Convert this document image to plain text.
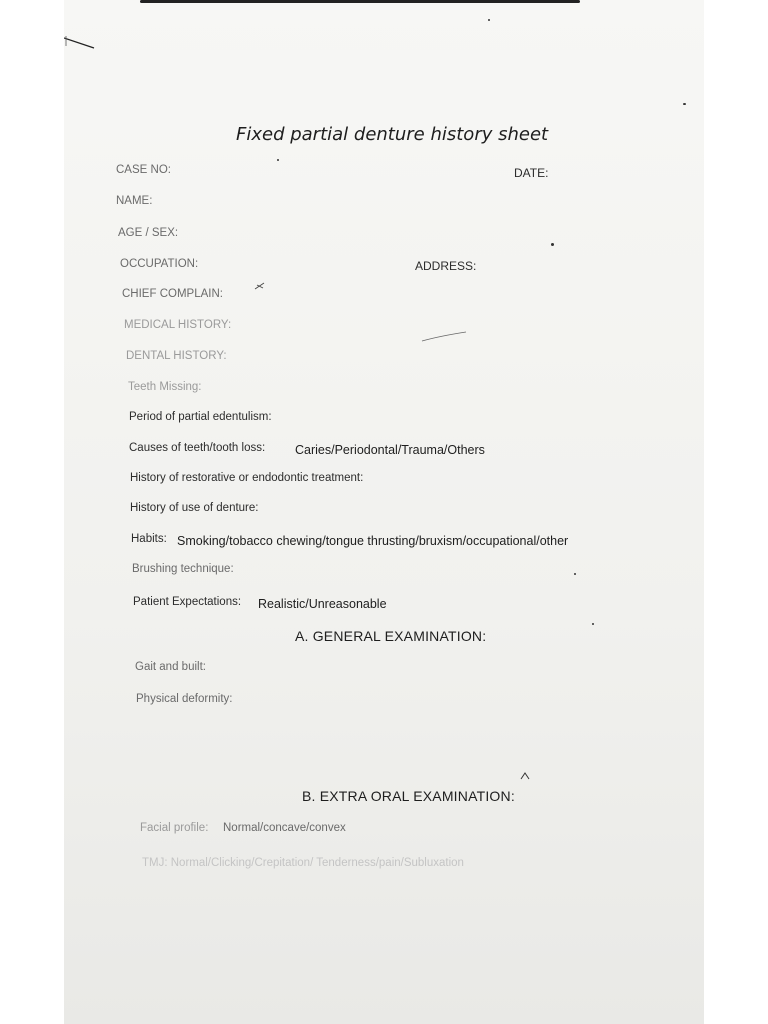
Fixed partial denture history sheet
CASE NO:	DATE:
NAME:
AGE / SEX:
OCCUPATION:	ADDRESS:
CHIEF COMPLAIN:
MEDICAL HISTORY:
DENTAL HISTORY:
Teeth Missing:
Period of partial edentulism:
Causes of teeth/tooth loss: Caries/Periodontal/Trauma/Others
History of restorative or endodontic treatment:
History of use of denture:
Habits: Smoking/tobacco chewing/tongue thrusting/bruxism/occupational/other
Brushing technique:
Patient Expectations: Realistic/Unreasonable
A. GENERAL EXAMINATION:
Gait and built:
Physical deformity:
B. EXTRA ORAL EXAMINATION:
Facial profile: Normal/concave/convex
TMJ: Normal/Clicking/Crepitation/ Tenderness/pain/Subluxation
